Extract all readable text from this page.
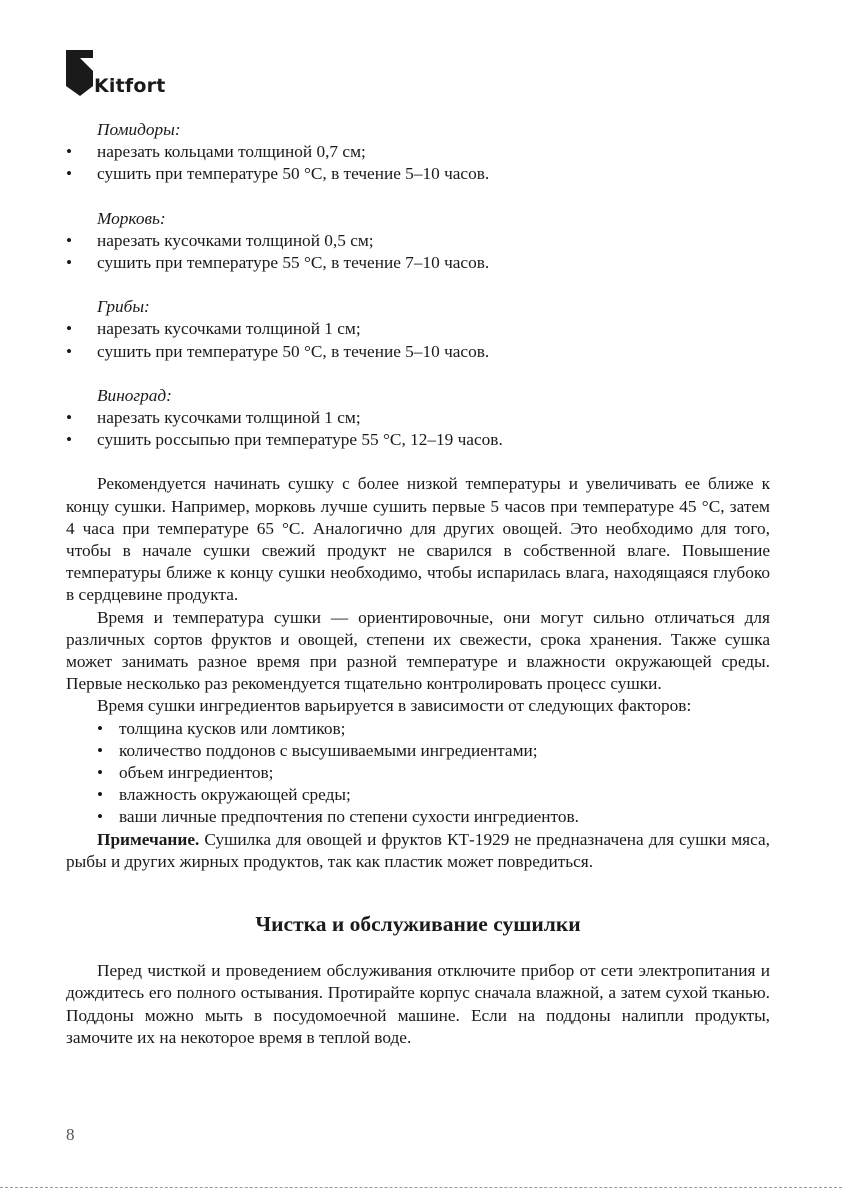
Kitfort
Помидоры:
• нарезать кольцами толщиной 0,7 см;
• сушить при температуре 50 °С, в течение 5–10 часов.
Морковь:
• нарезать кусочками толщиной 0,5 см;
• сушить при температуре 55 °С, в течение 7–10 часов.
Грибы:
• нарезать кусочками толщиной 1 см;
• сушить при температуре 50 °С, в течение 5–10 часов.
Виноград:
• нарезать кусочками толщиной 1 см;
• сушить россыпью при температуре 55 °С, 12–19 часов.
Рекомендуется начинать сушку с более низкой температуры и увеличивать ее ближе к концу сушки. Например, морковь лучше сушить первые 5 часов при температуре 45 °С, затем 4 часа при температуре 65 °С. Аналогично для других овощей. Это необходимо для того, чтобы в начале сушки свежий продукт не сварился в собственной влаге. Повышение температуры ближе к концу сушки необходимо, чтобы испарилась влага, находящаяся глубоко в сердцевине продукта.
Время и температура сушки — ориентировочные, они могут сильно отличаться для различных сортов фруктов и овощей, степени их свежести, срока хранения. Также сушка может занимать разное время при разной температуре и влажности окружающей среды. Первые несколько раз рекомендуется тщательно контролировать процесс сушки.
Время сушки ингредиентов варьируется в зависимости от следующих факторов:
• толщина кусков или ломтиков;
• количество поддонов с высушиваемыми ингредиентами;
• объем ингредиентов;
• влажность окружающей среды;
• ваши личные предпочтения по степени сухости ингредиентов.
Примечание. Сушилка для овощей и фруктов КТ-1929 не предназначена для сушки мяса, рыбы и других жирных продуктов, так как пластик может повредиться.
Чистка и обслуживание сушилки
Перед чисткой и проведением обслуживания отключите прибор от сети электропитания и дождитесь его полного остывания. Протирайте корпус сначала влажной, а затем сухой тканью. Поддоны можно мыть в посудомоечной машине. Если на поддоны налипли продукты, замочите их на некоторое время в теплой воде.
8
